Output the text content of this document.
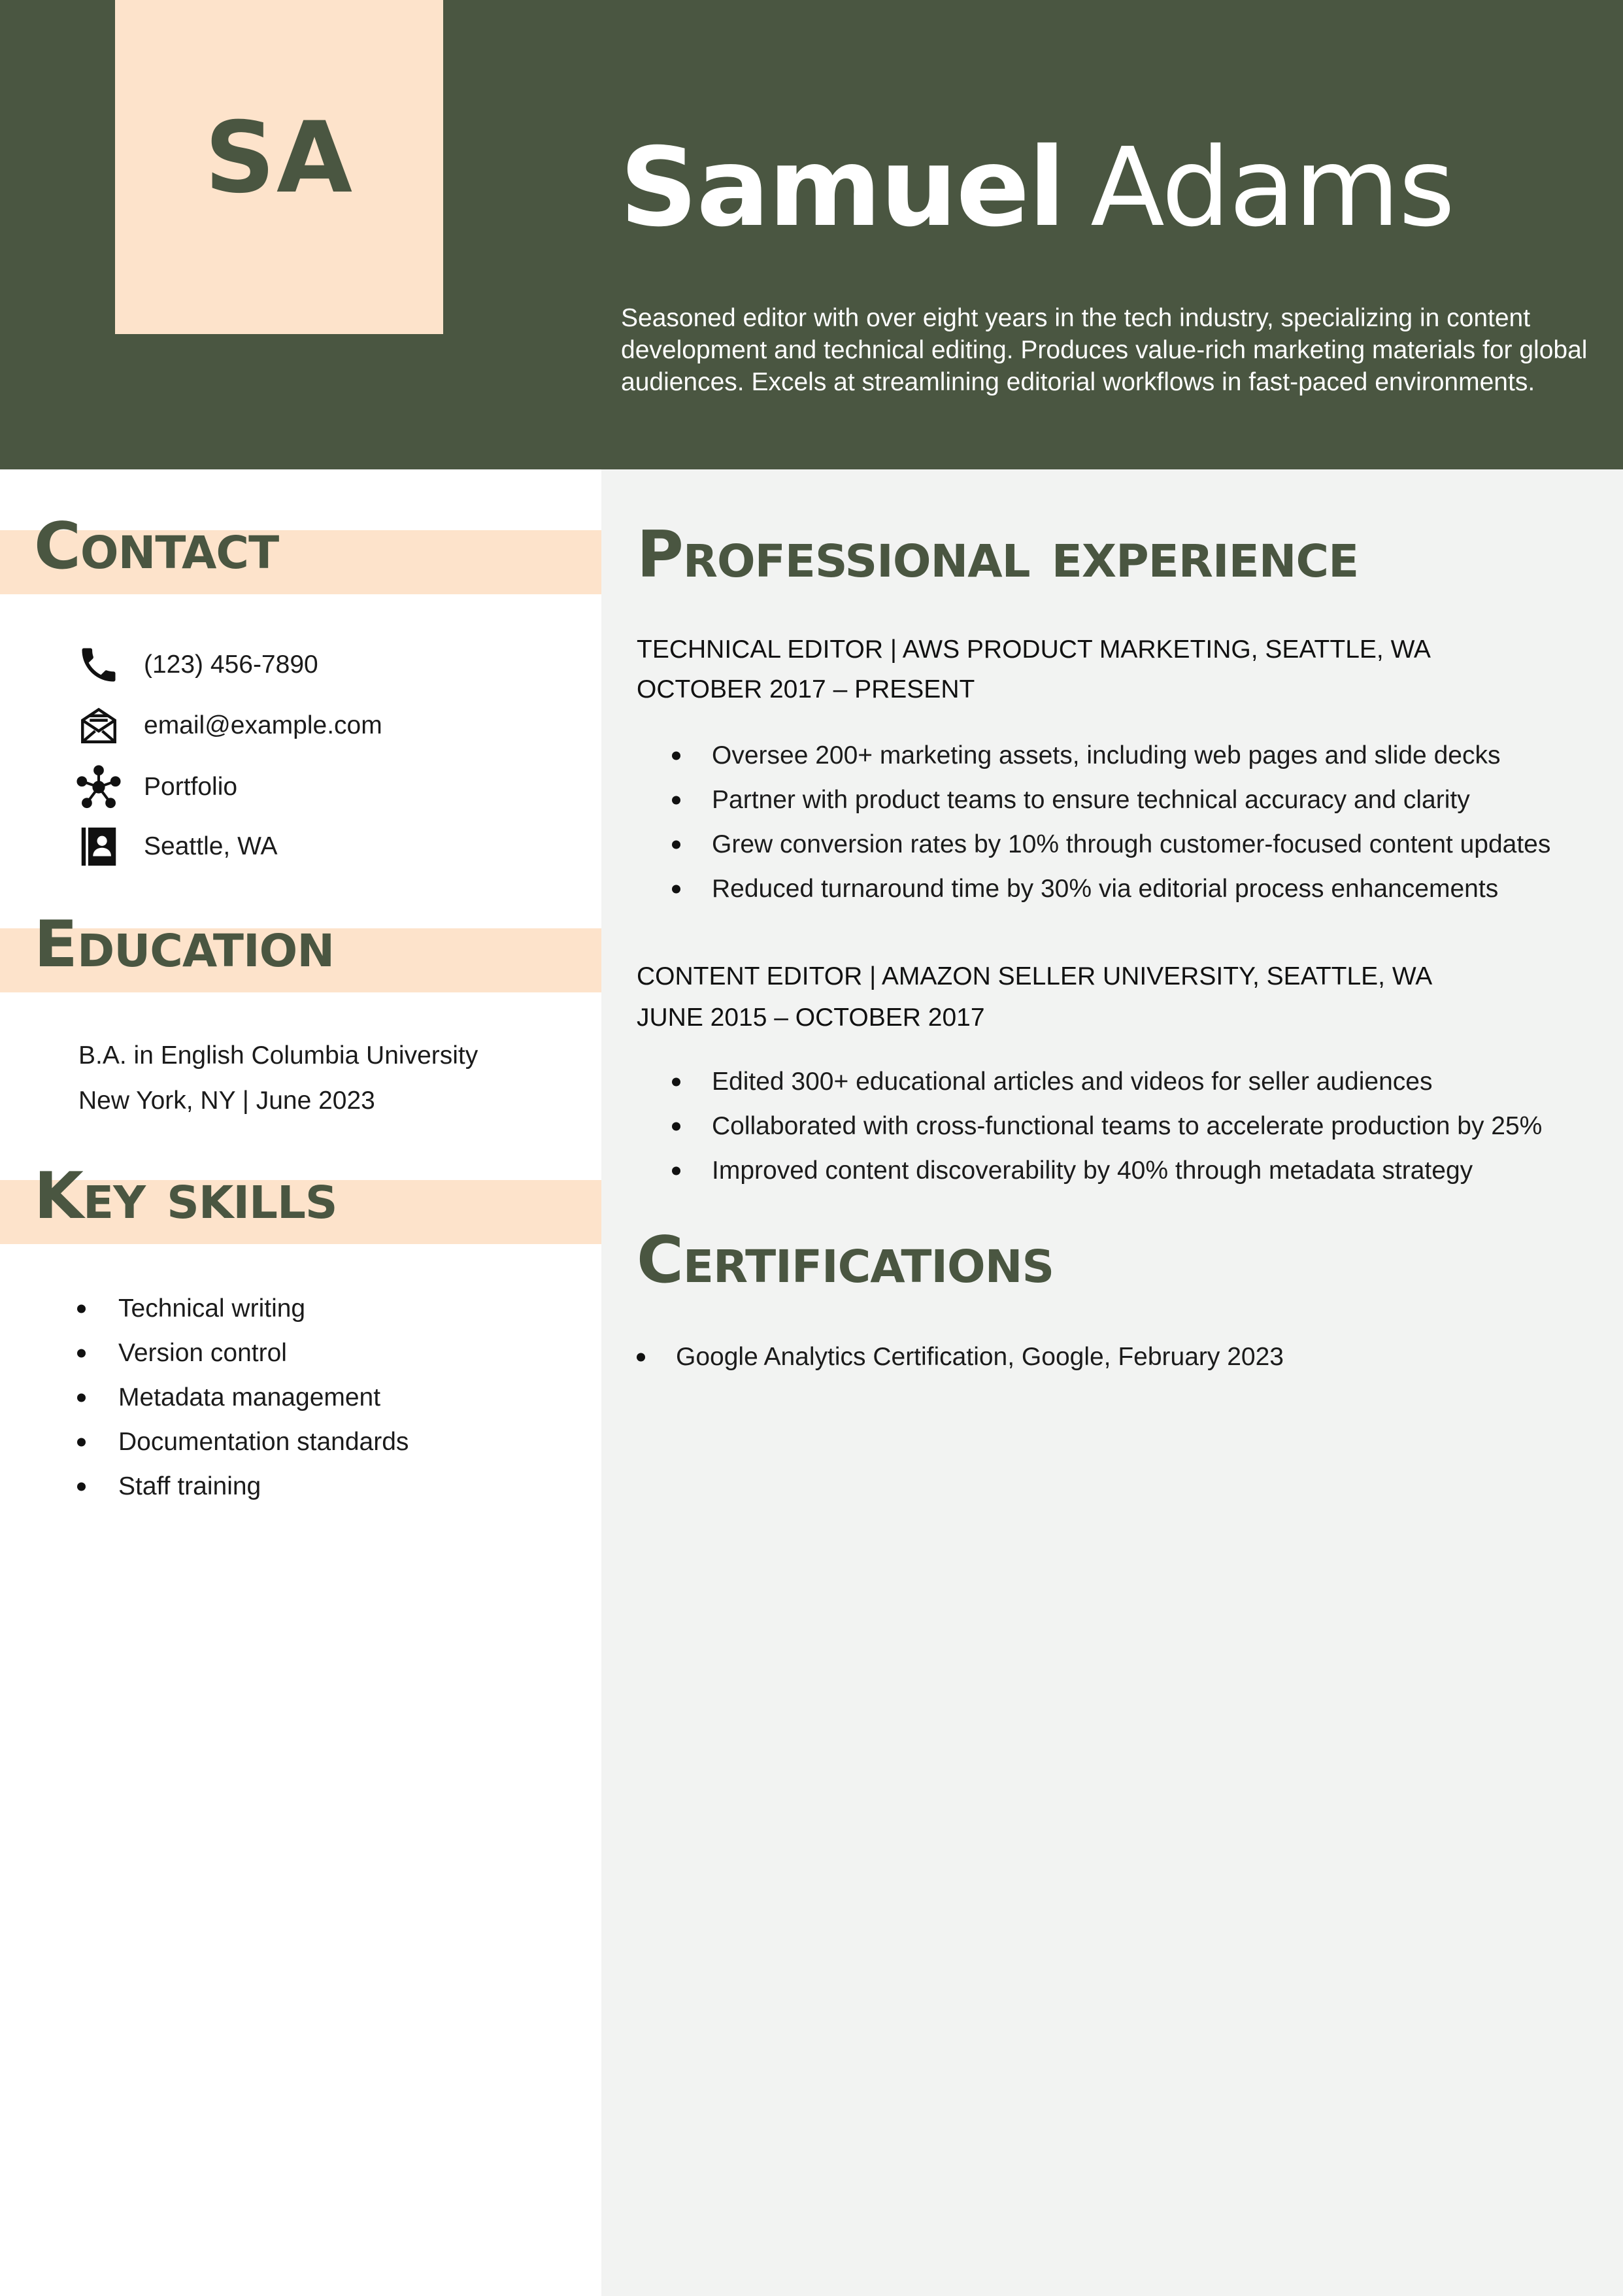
SA Samuel Adams
Seasoned editor with over eight years in the tech industry, specializing in content development and technical editing. Produces value-rich marketing materials for global audiences. Excels at streamlining editorial workflows in fast-paced environments.
Contact
(123) 456-7890
email@example.com
Portfolio
Seattle, WA
Education
B.A. in English Columbia University
New York, NY | June 2023
Key skills
Technical writing
Version control
Metadata management
Documentation standards
Staff training
Professional experience
TECHNICAL EDITOR | AWS PRODUCT MARKETING, SEATTLE, WA
OCTOBER 2017 – PRESENT
Oversee 200+ marketing assets, including web pages and slide decks
Partner with product teams to ensure technical accuracy and clarity
Grew conversion rates by 10% through customer-focused content updates
Reduced turnaround time by 30% via editorial process enhancements
CONTENT EDITOR | AMAZON SELLER UNIVERSITY, SEATTLE, WA
JUNE 2015 – OCTOBER 2017
Edited 300+ educational articles and videos for seller audiences
Collaborated with cross-functional teams to accelerate production by 25%
Improved content discoverability by 40% through metadata strategy
Certifications
Google Analytics Certification, Google, February 2023
